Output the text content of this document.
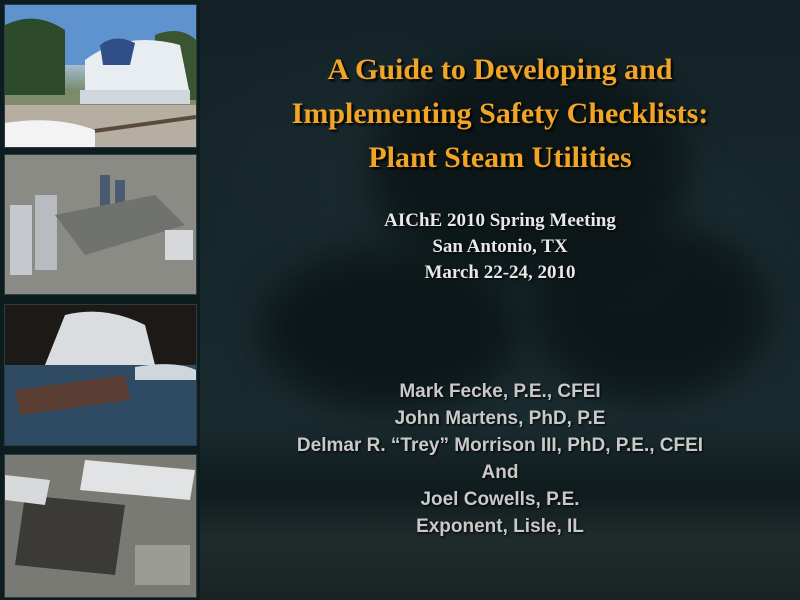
A Guide to Developing and
Implementing Safety Checklists:
Plant Steam Utilities
AIChE 2010 Spring Meeting
San Antonio, TX
March 22-24, 2010
Mark Fecke, P.E., CFEI
John Martens, PhD, P.E
Delmar R. “Trey” Morrison III, PhD, P.E., CFEI
And
Joel Cowells, P.E.
Exponent, Lisle, IL
